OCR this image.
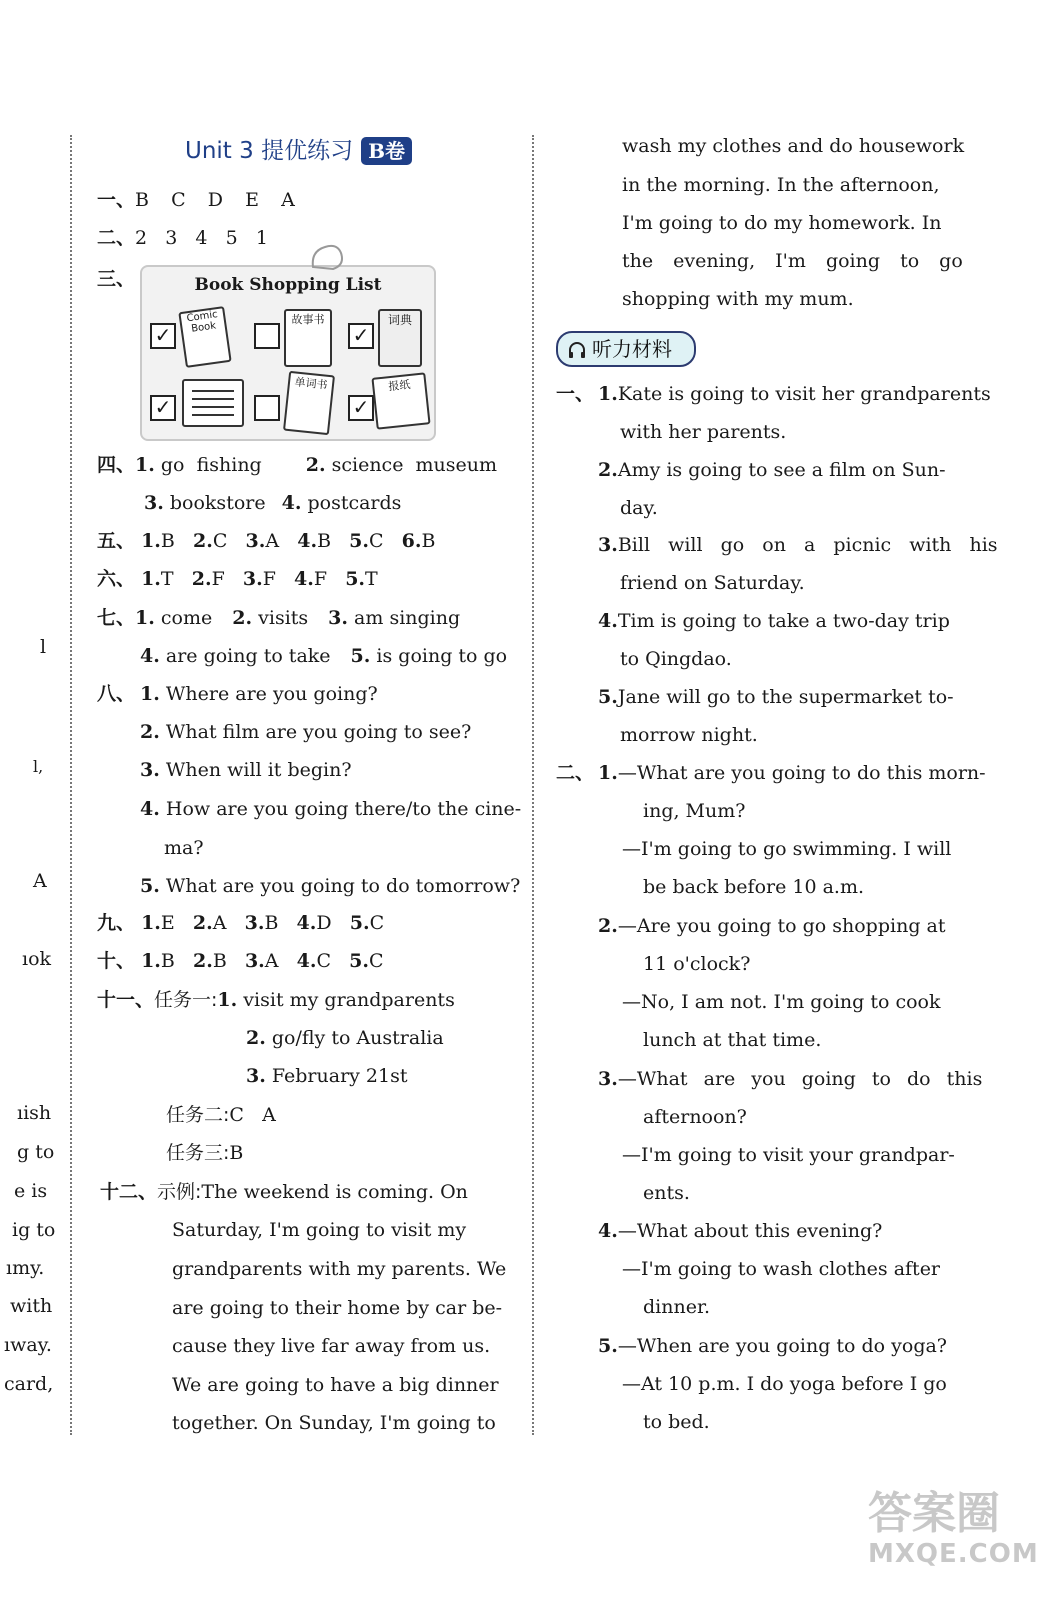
l
l,
A
ıok
ıish
g to
e is
ig to
ımy.
with
ıway.
card,
Unit 3 提优练习 B卷
一、B   C   D   E   A
二、2   3   4   5   1
三、	Book Shopping List
✓
Comic Book
故事书
✓
词典
✓
单词书
✓
报纸
四、1. go  fishing 2. science  museum
3. bookstore 4. postcards
五、 1.B 2.C 3.A 4.B 5.C 6.B
六、 1.T 2.F 3.F 4.F 5.T
七、1. come 2. visits 3. am singing
4. are going to take 5. is going to go
八、 1. Where are you going?
2. What film are you going to see?
3. When will it begin?
4. How are you going there/to the cine-
ma?
5. What are you going to do tomorrow?
九、 1.E 2.A 3.B 4.D 5.C
十、 1.B 2.B 3.A 4.C 5.C
十一、任务一:1. visit my grandparents
2. go/fly to Australia
3. February 21st
任务二:C   A
任务三:B
十二、示例:The weekend is coming. On
Saturday, I'm going to visit my
grandparents with my parents. We
are going to their home by car be-
cause they live far away from us.
We are going to have a big dinner
together. On Sunday, I'm going to
wash my clothes and do housework
in the morning. In the afternoon,
I'm going to do my homework. In
the evening, I'm going to go
shopping with my mum.
听力材料
一、 1.Kate is going to visit her grandparents
with her parents.
2.Amy is going to see a film on Sun-
day.
3.Bill will go on a picnic with his
friend on Saturday.
4.Tim is going to take a two-day trip
to Qingdao.
5.Jane will go to the supermarket to-
morrow night.
二、 1.—What are you going to do this morn-
ing, Mum?
—I'm going to go swimming. I will
be back before 10 a.m.
2.—Are you going to go shopping at
11 o'clock?
—No, I am not. I'm going to cook
lunch at that time.
3.—What are you going to do this
afternoon?
—I'm going to visit your grandpar-
ents.
4.—What about this evening?
—I'm going to wash clothes after
dinner.
5.—When are you going to do yoga?
—At 10 p.m. I do yoga before I go
to bed.
答案圈
MXQE.COM
